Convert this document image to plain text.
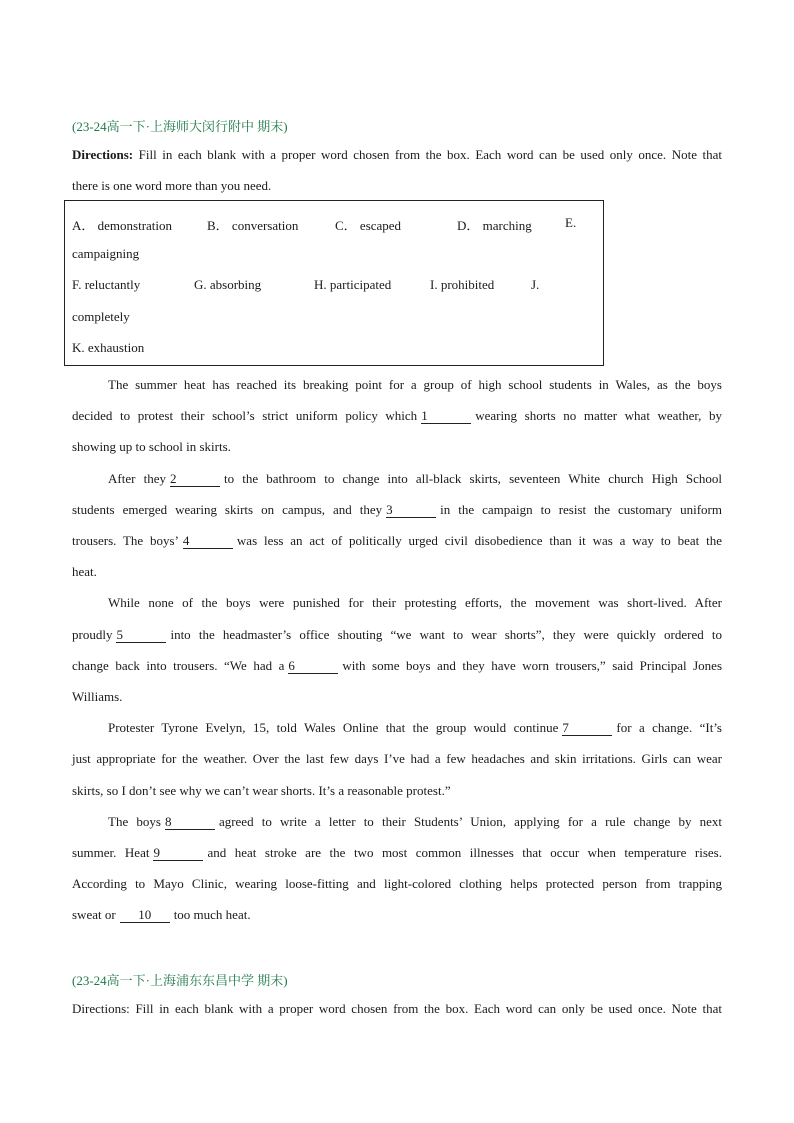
(23-24高一下·上海师大闵行附中 期末)
Directions: Fill in each blank with a proper word chosen from the box. Each word can be used only once. Note that
there is one word more than you need.
A． demonstration	B． conversation	C． escaped	D． marching	E.
campaigning
F. reluctantly	G. absorbing	H. participated	I. prohibited	J.
completely
K. exhaustion
The summer heat has reached its breaking point for a group of high school students in Wales, as the boys
decided to protest their school’s strict uniform policy which 1	wearing shorts no matter what weather, by
showing up to school in skirts.
After they 2	to the bathroom to change into all-black skirts, seventeen White church High School
students emerged wearing skirts on campus, and they 3	in the campaign to resist the customary uniform
trousers. The boys’ 4	was less an act of politically urged civil disobedience than it was a way to beat the
heat.
While none of the boys were punished for their protesting efforts, the movement was short-lived. After
proudly 5	into the headmaster’s office shouting “we want to wear shorts”, they were quickly ordered to
change back into trousers. “We had a 6	with some boys and they have worn trousers,” said Principal Jones
Williams.
Protester Tyrone Evelyn, 15, told Wales Online that the group would continue 7	for a change. “It’s
just appropriate for the weather. Over the last few days I’ve had a few headaches and skin irritations. Girls can wear
skirts, so I don’t see why we can’t wear shorts. It’s a reasonable protest.”
The boys 8	agreed to write a letter to their Students’ Union, applying for a rule change by next
summer. Heat 9	and heat stroke are the two most common illnesses that occur when temperature rises.
According to Mayo Clinic, wearing loose-fitting and light-colored clothing helps protected person from trapping
sweat or 10 too much heat.
(23-24高一下·上海浦东东昌中学 期末)
Directions: Fill in each blank with a proper word chosen from the box. Each word can only be used once. Note that
